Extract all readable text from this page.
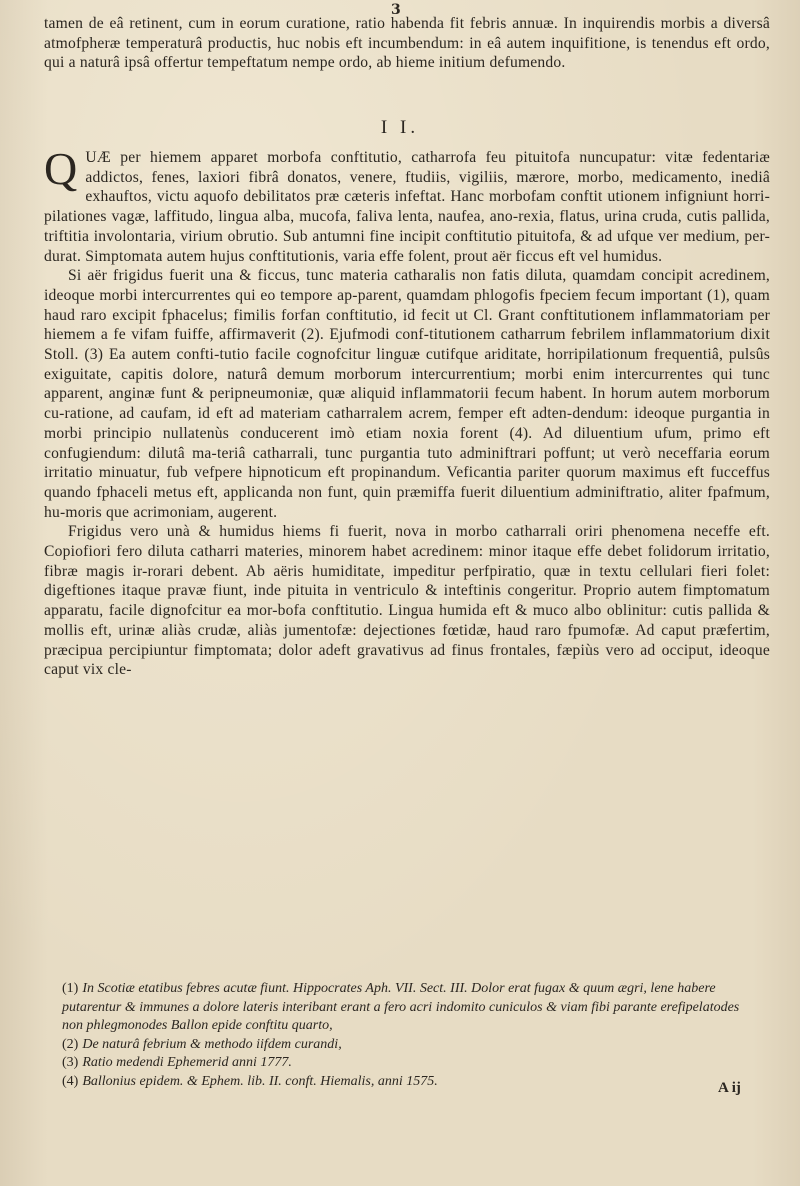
3

tamen de eâ retinent, cum in eorum curatione, ratio habenda fit febris annuæ. In inquirendis morbis a diversâ atmofpheræ temperaturâ productis, huc nobis eft incumbendum: in eâ autem inquifitione, is tenendus eft ordo, qui a naturâ ipsâ offertur tempeftatum nempe ordo, ab hieme initium defumendo.

I I.

QUÆ per hiemem apparet morbofa conftitutio, catharrofa feu pituitofa nuncupatur: vitæ fedentariæ addictos, fenes, laxiori fibrâ donatos, venere, ftudiis, vigiliis, mærore, morbo, medicamento, inediâ exhauftos, victu aquofo debilitatos præ cæteris infeftat. Hanc morbofam conftit utionem infigniunt horri-pilationes vagæ, laffitudo, lingua alba, mucofa, faliva lenta, naufea, ano-rexia, flatus, urina cruda, cutis pallida, triftitia involontaria, virium obrutio. Sub antumni fine incipit conftitutio pituitofa, & ad ufque ver medium, per-durat. Simptomata autem hujus conftitutionis, varia effe folent, prout aër ficcus eft vel humidus.

Si aër frigidus fuerit una & ficcus, tunc materia catharalis non fatis diluta, quamdam concipit acredinem, ideoque morbi intercurrentes qui eo tempore ap-parent, quamdam phlogofis fpeciem fecum important (1), quam haud raro excipit fphacelus; fimilis forfan conftitutio, id fecit ut Cl. Grant conftitutionem inflammatoriam per hiemem a fe vifam fuiffe, affirmaverit (2). Ejufmodi conf-titutionem catharrum febrilem inflammatorium dixit Stoll. (3) Ea autem confti-tutio facile cognofcitur linguæ cutifque ariditate, horripilationum frequentiâ, pulsûs exiguitate, capitis dolore, naturâ demum morborum intercurrentium; morbi enim intercurrentes qui tunc apparent, anginæ funt & peripneumoniæ, quæ aliquid inflammatorii fecum habent. In horum autem morborum cu-ratione, ad caufam, id eft ad materiam catharralem acrem, femper eft adten-dendum: ideoque purgantia in morbi principio nullatenùs conducerent imò etiam noxia forent (4). Ad diluentium ufum, primo eft confugiendum: dilutâ ma-teriâ catharrali, tunc purgantia tuto adminiftrari poffunt; ut verò neceffaria eorum irritatio minuatur, fub vefpere hipnoticum eft propinandum. Veficantia pariter quorum maximus eft fucceffus quando fphaceli metus eft, applicanda non funt, quin præmiffa fuerit diluentium adminiftratio, aliter fpafmum, hu-moris que acrimoniam, augerent.

Frigidus vero unà & humidus hiems fi fuerit, nova in morbo catharrali oriri phenomena neceffe eft. Copiofiori fero diluta catharri materies, minorem habet acredinem: minor itaque effe debet folidorum irritatio, fibræ magis ir-rorari debent. Ab aëris humiditate, impeditur perfpiratio, quæ in textu cellulari fieri folet: digeftiones itaque pravæ fiunt, inde pituita in ventriculo & inteftinis congeritur. Proprio autem fimptomatum apparatu, facile dignofcitur ea mor-bofa conftitutio. Lingua humida eft & muco albo oblinitur: cutis pallida & mollis eft, urinæ aliàs crudæ, aliàs jumentofæ: dejectiones fœtidæ, haud raro fpumofæ. Ad caput præfertim, præcipua percipiuntur fimptomata; dolor adeft gravativus ad finus frontales, fæpiùs vero ad occiput, ideoque caput vix cle-

(1) In Scotiæ etatibus febres acutæ fiunt. Hippocrates Aph. VII. Sect. III. Dolor erat fugax & quum ægri, lene habere putarentur & immunes a dolore lateris interibant erant a fero acri indomito cuniculos & viam fibi parante erefipelatodes non phlegmonodes Ballon epide conftitu quarto,

(2) De naturâ febrium & methodo iifdem curandi,

(3) Ratio medendi Ephemerid anni 1777.

(4) Ballonius epidem. & Ephem. lib. II. conft. Hiemalis, anni 1575.	A ij
